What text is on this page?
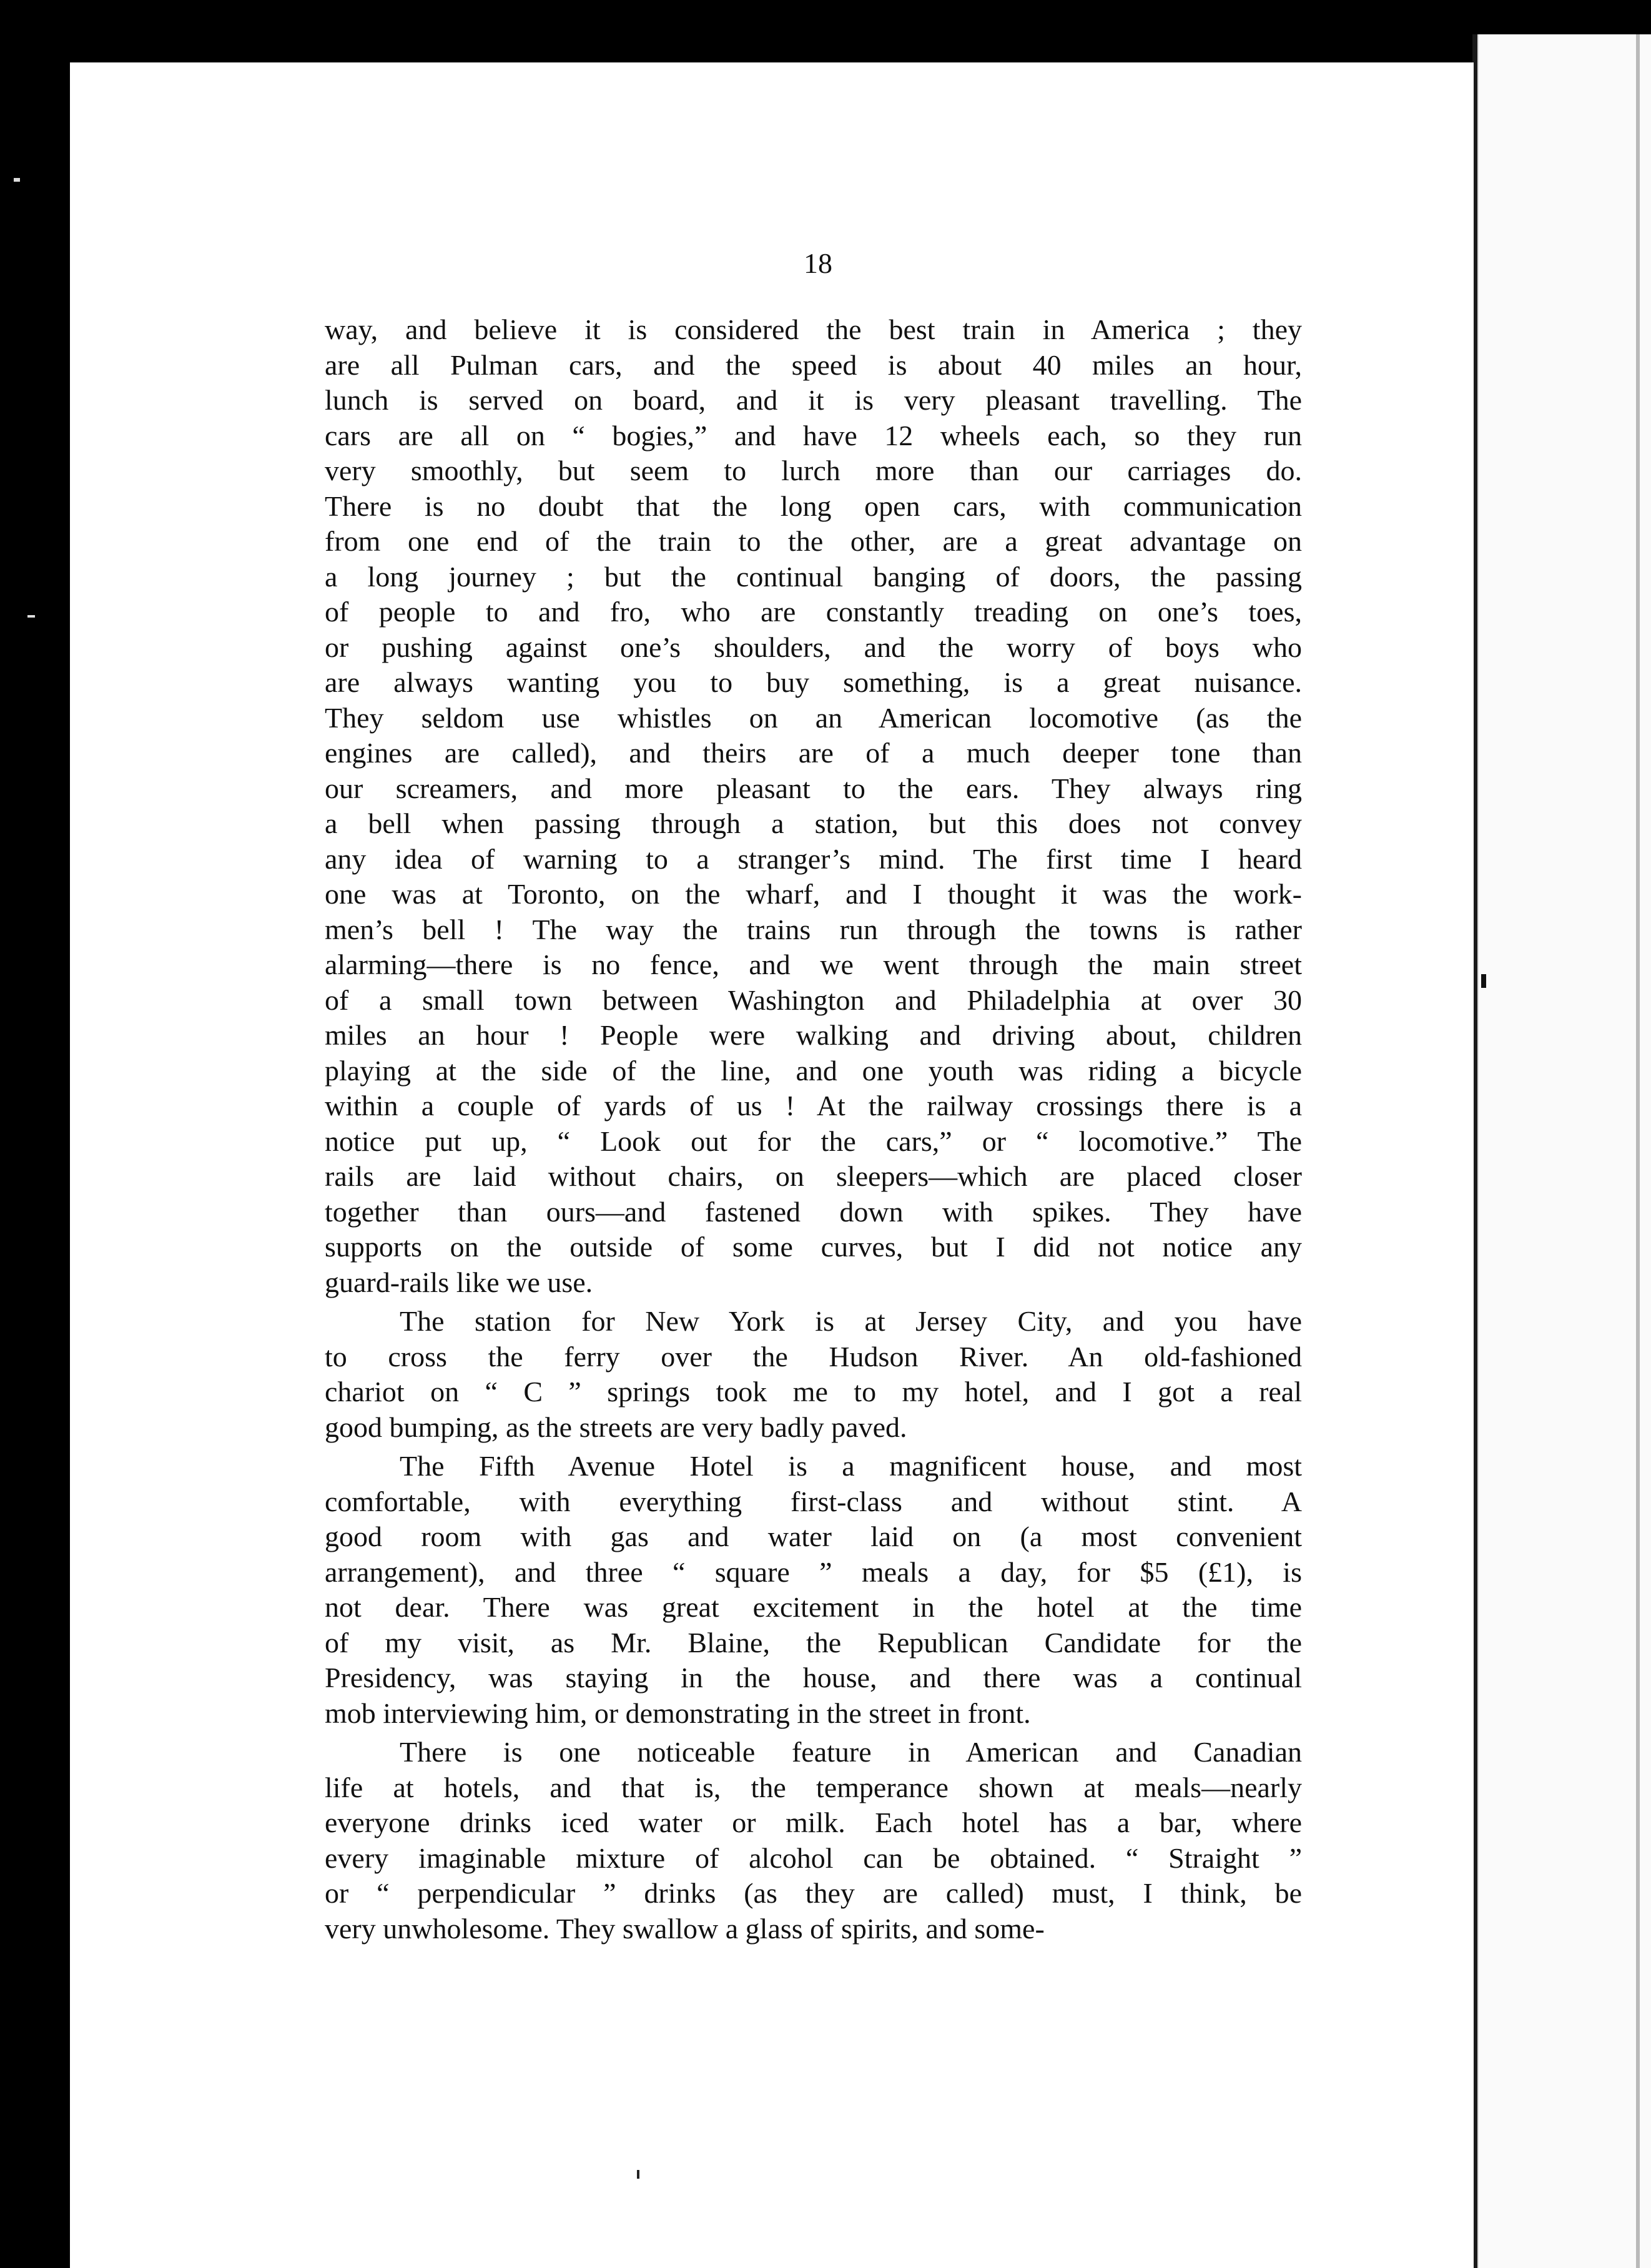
18
way, and believe it is considered the best train in America ; they
are all Pulman cars, and the speed is about 40 miles an hour,
lunch is served on board, and it is very pleasant travelling. The
cars are all on “ bogies,” and have 12 wheels each, so they run
very smoothly, but seem to lurch more than our carriages do.
There is no doubt that the long open cars, with communication
from one end of the train to the other, are a great advantage on
a long journey ; but the continual banging of doors, the passing
of people to and fro, who are constantly treading on one’s toes,
or pushing against one’s shoulders, and the worry of boys who
are always wanting you to buy something, is a great nuisance.
They seldom use whistles on an American locomotive (as the
engines are called), and theirs are of a much deeper tone than
our screamers, and more pleasant to the ears. They always ring
a bell when passing through a station, but this does not convey
any idea of warning to a stranger’s mind. The first time I heard
one was at Toronto, on the wharf, and I thought it was the work-
men’s bell ! The way the trains run through the towns is rather
alarming—there is no fence, and we went through the main street
of a small town between Washington and Philadelphia at over 30
miles an hour ! People were walking and driving about, children
playing at the side of the line, and one youth was riding a bicycle
within a couple of yards of us ! At the railway crossings there is a
notice put up, “ Look out for the cars,” or “ locomotive.” The
rails are laid without chairs, on sleepers—which are placed closer
together than ours—and fastened down with spikes. They have
supports on the outside of some curves, but I did not notice any
guard-rails like we use.
The station for New York is at Jersey City, and you have
to cross the ferry over the Hudson River. An old-fashioned
chariot on “ C ” springs took me to my hotel, and I got a real
good bumping, as the streets are very badly paved.
The Fifth Avenue Hotel is a magnificent house, and most
comfortable, with everything first-class and without stint. A
good room with gas and water laid on (a most convenient
arrangement), and three “ square ” meals a day, for $5 (£1), is
not dear. There was great excitement in the hotel at the time
of my visit, as Mr. Blaine, the Republican Candidate for the
Presidency, was staying in the house, and there was a continual
mob interviewing him, or demonstrating in the street in front.
There is one noticeable feature in American and Canadian
life at hotels, and that is, the temperance shown at meals—nearly
everyone drinks iced water or milk. Each hotel has a bar, where
every imaginable mixture of alcohol can be obtained. “ Straight ”
or “ perpendicular ” drinks (as they are called) must, I think, be
very unwholesome. They swallow a glass of spirits, and some-
